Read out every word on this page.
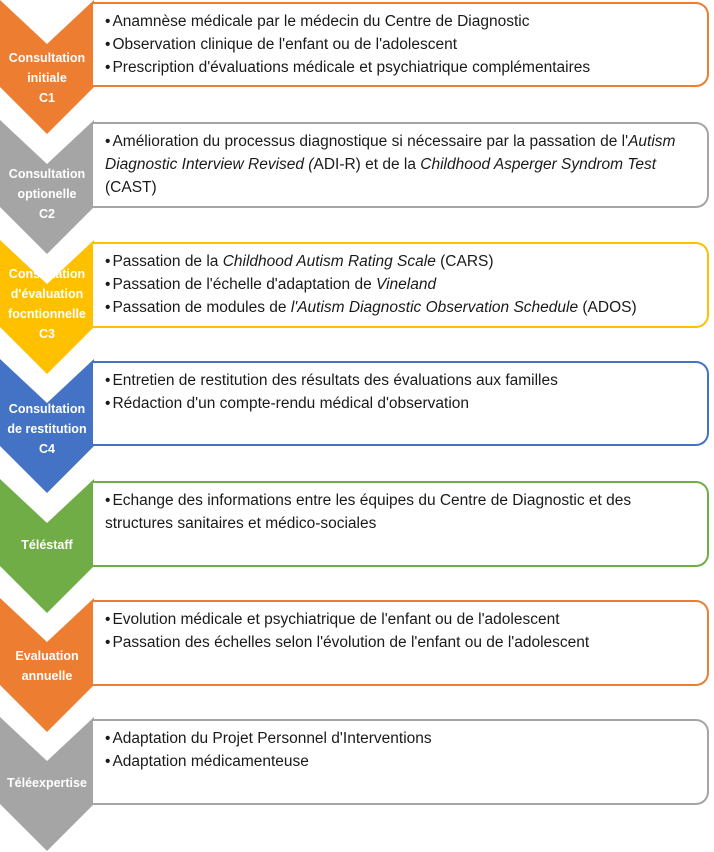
Consultation
initiale
C1
• Anamnèse médicale par le médecin du Centre de Diagnostic
• Observation clinique de l'enfant ou de l'adolescent
• Prescription d'évaluations médicale et psychiatrique complémentaires
Consultation
optionelle
C2
• Amélioration du processus diagnostique si nécessaire par la passation de l'Autism Diagnostic Interview Revised (ADI-R) et de la Childhood Asperger Syndrom Test (CAST)
Consultation
d'évaluation
focntionnelle
C3
• Passation de la Childhood Autism Rating Scale (CARS)
• Passation de l'échelle d'adaptation de Vineland
• Passation de modules de l'Autism Diagnostic Observation Schedule (ADOS)
Consultation
de restitution
C4
• Entretien de restitution des résultats des évaluations aux familles
• Rédaction d'un compte-rendu médical d'observation
Téléstaff
• Echange des informations entre les équipes du Centre de Diagnostic et des structures sanitaires et médico-sociales
Evaluation
annuelle
• Evolution médicale et psychiatrique de l'enfant ou de l'adolescent
• Passation des échelles selon l'évolution de l'enfant ou de l'adolescent
Téléexpertise
• Adaptation du Projet Personnel d'Interventions
• Adaptation médicamenteuse
